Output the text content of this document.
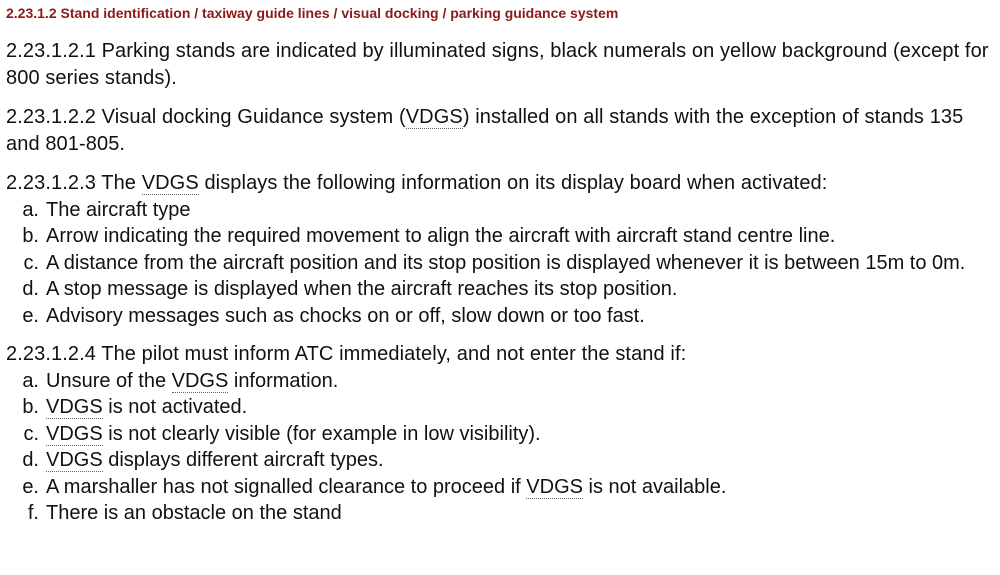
2.23.1.2 Stand identification / taxiway guide lines / visual docking / parking guidance system

2.23.1.2.1 Parking stands are indicated by illuminated signs, black numerals on yellow background (except for 800 series stands).

2.23.1.2.2 Visual docking Guidance system (VDGS) installed on all stands with the exception of stands 135 and 801-805.

2.23.1.2.3 The VDGS displays the following information on its display board when activated:

a. The aircraft type
b. Arrow indicating the required movement to align the aircraft with aircraft stand centre line.
c. A distance from the aircraft position and its stop position is displayed whenever it is between 15m to 0m.
d. A stop message is displayed when the aircraft reaches its stop position.
e. Advisory messages such as chocks on or off, slow down or too fast.

2.23.1.2.4 The pilot must inform ATC immediately, and not enter the stand if:

a. Unsure of the VDGS information.
b. VDGS is not activated.
c. VDGS is not clearly visible (for example in low visibility).
d. VDGS displays different aircraft types.
e. A marshaller has not signalled clearance to proceed if VDGS is not available.
f. There is an obstacle on the stand
